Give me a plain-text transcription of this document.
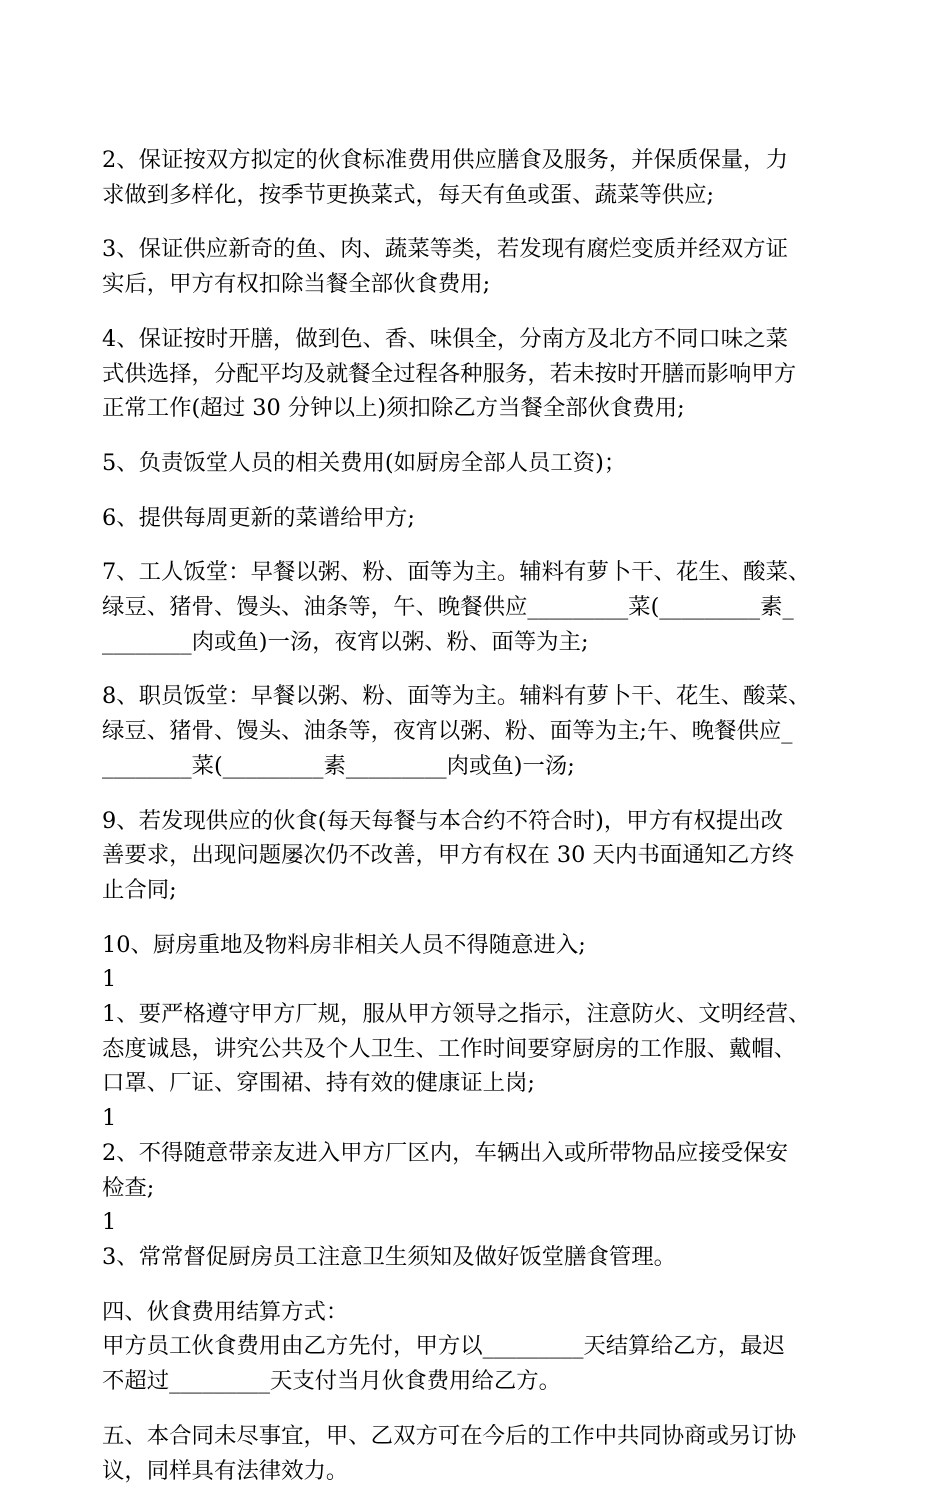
2、保证按双方拟定的伙食标准费用供应膳食及服务，并保质保量，力
求做到多样化，按季节更换菜式，每天有鱼或蛋、蔬菜等供应;
3、保证供应新奇的鱼、肉、蔬菜等类，若发现有腐烂变质并经双方证
实后，甲方有权扣除当餐全部伙食费用;
4、保证按时开膳，做到色、香、味俱全，分南方及北方不同口味之菜
式供选择，分配平均及就餐全过程各种服务，若未按时开膳而影响甲方
正常工作(超过 30 分钟以上)须扣除乙方当餐全部伙食费用;
5、负责饭堂人员的相关费用(如厨房全部人员工资)；
6、提供每周更新的菜谱给甲方;
7、工人饭堂：早餐以粥、粉、面等为主。辅料有萝卜干、花生、酸菜、
绿豆、猪骨、馒头、油条等，午、晚餐供应_________菜(_________素_
________肉或鱼)一汤，夜宵以粥、粉、面等为主;
8、职员饭堂：早餐以粥、粉、面等为主。辅料有萝卜干、花生、酸菜、
绿豆、猪骨、馒头、油条等，夜宵以粥、粉、面等为主;午、晚餐供应_
________菜(_________素_________肉或鱼)一汤;
9、若发现供应的伙食(每天每餐与本合约不符合时)，甲方有权提出改
善要求，出现问题屡次仍不改善，甲方有权在 30 天内书面通知乙方终
止合同;
10、厨房重地及物料房非相关人员不得随意进入;
1
1、要严格遵守甲方厂规，服从甲方领导之指示，注意防火、文明经营、
态度诚恳，讲究公共及个人卫生、工作时间要穿厨房的工作服、戴帽、
口罩、厂证、穿围裙、持有效的健康证上岗;
1
2、不得随意带亲友进入甲方厂区内，车辆出入或所带物品应接受保安
检查;
1
3、常常督促厨房员工注意卫生须知及做好饭堂膳食管理。
四、伙食费用结算方式：
甲方员工伙食费用由乙方先付，甲方以_________天结算给乙方，最迟
不超过_________天支付当月伙食费用给乙方。
五、本合同未尽事宜，甲、乙双方可在今后的工作中共同协商或另订协
议，同样具有法律效力。
